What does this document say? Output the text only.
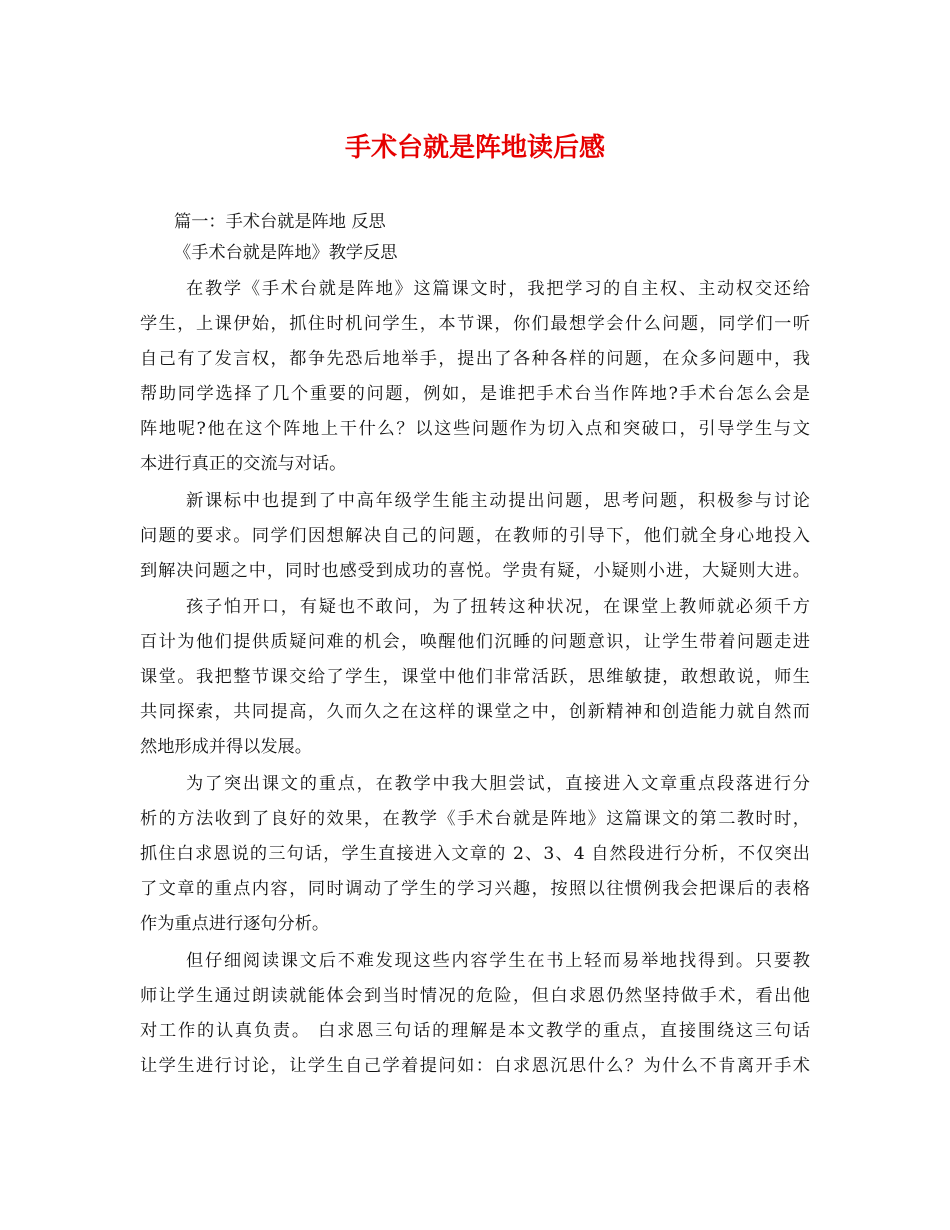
手术台就是阵地读后感
篇一：手术台就是阵地 反思
《手术台就是阵地》教学反思
在教学《手术台就是阵地》这篇课文时，我把学习的自主权、主动权交还给
学生，上课伊始，抓住时机问学生，本节课，你们最想学会什么问题，同学们一听
自己有了发言权，都争先恐后地举手，提出了各种各样的问题，在众多问题中，我
帮助同学选择了几个重要的问题，例如，是谁把手术台当作阵地?手术台怎么会是
阵地呢?他在这个阵地上干什么？以这些问题作为切入点和突破口，引导学生与文
本进行真正的交流与对话。
新课标中也提到了中高年级学生能主动提出问题，思考问题，积极参与讨论
问题的要求。同学们因想解决自己的问题，在教师的引导下，他们就全身心地投入
到解决问题之中，同时也感受到成功的喜悦。学贵有疑，小疑则小进，大疑则大进。
孩子怕开口，有疑也不敢问，为了扭转这种状况，在课堂上教师就必须千方
百计为他们提供质疑问难的机会，唤醒他们沉睡的问题意识，让学生带着问题走进
课堂。我把整节课交给了学生，课堂中他们非常活跃，思维敏捷，敢想敢说，师生
共同探索，共同提高，久而久之在这样的课堂之中，创新精神和创造能力就自然而
然地形成并得以发展。
为了突出课文的重点，在教学中我大胆尝试，直接进入文章重点段落进行分
析的方法收到了良好的效果，在教学《手术台就是阵地》这篇课文的第二教时时，
抓住白求恩说的三句话，学生直接进入文章的 2、3、4 自然段进行分析，不仅突出
了文章的重点内容，同时调动了学生的学习兴趣，按照以往惯例我会把课后的表格
作为重点进行逐句分析。
但仔细阅读课文后不难发现这些内容学生在书上轻而易举地找得到。只要教
师让学生通过朗读就能体会到当时情况的危险，但白求恩仍然坚持做手术，看出他
对工作的认真负责。 白求恩三句话的理解是本文教学的重点，直接围绕这三句话
让学生进行讨论，让学生自己学着提问如：白求恩沉思什么？为什么不肯离开手术
